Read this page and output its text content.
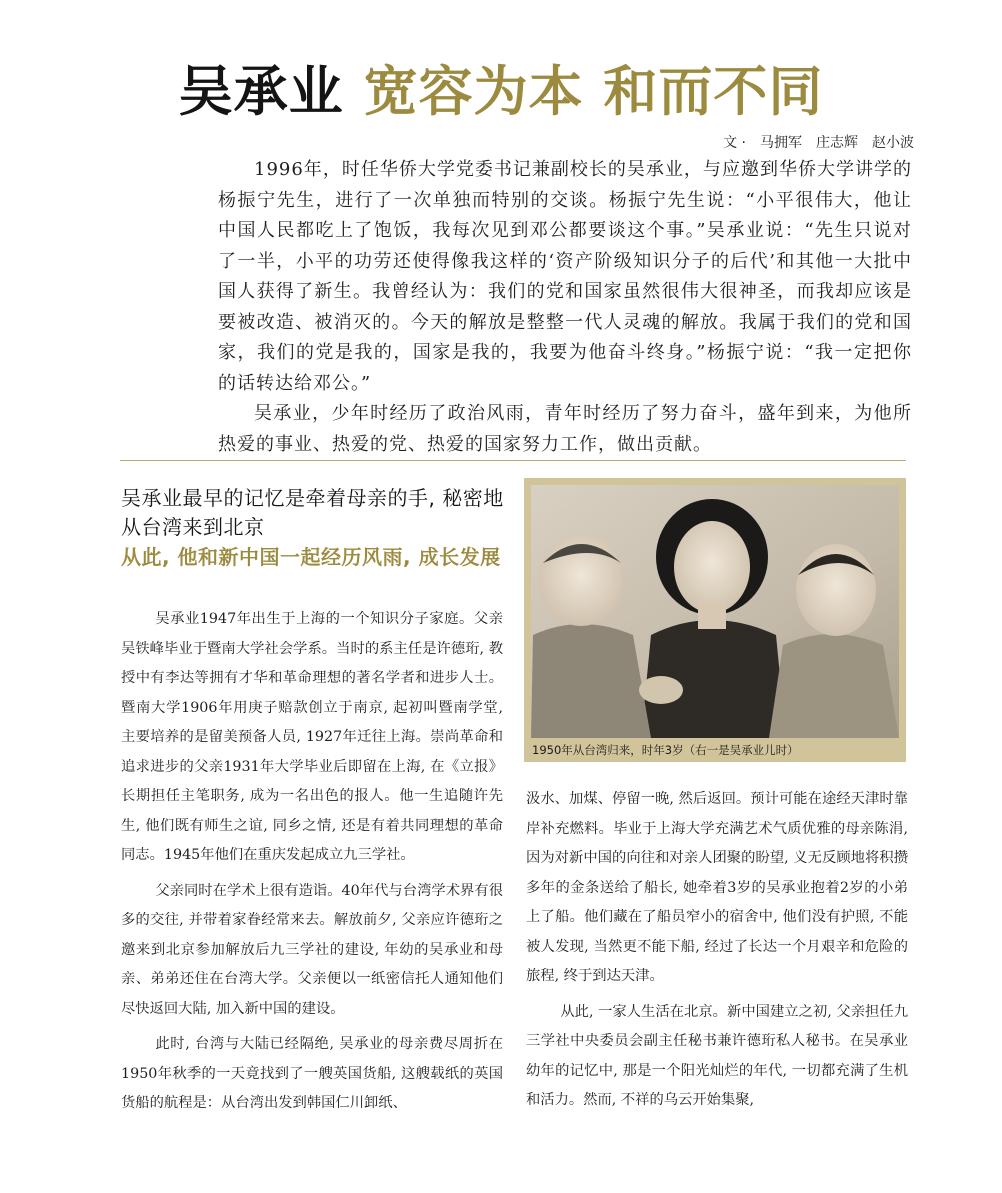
吴承业 宽容为本 和而不同
文 · 马拥军 庄志辉 赵小波

1996年，时任华侨大学党委书记兼副校长的吴承业，与应邀到华侨大学讲学的杨振宁先生，进行了一次单独而特别的交谈。杨振宁先生说：“小平很伟大，他让中国人民都吃上了饱饭，我每次见到邓公都要谈这个事。”吴承业说：“先生只说对了一半，小平的功劳还使得像我这样的‘资产阶级知识分子的后代’和其他一大批中国人获得了新生。我曾经认为：我们的党和国家虽然很伟大很神圣，而我却应该是要被改造、被消灭的。今天的解放是整整一代人灵魂的解放。我属于我们的党和国家，我们的党是我的，国家是我的，我要为他奋斗终身。”杨振宁说：“我一定把你的话转达给邓公。”

吴承业，少年时经历了政治风雨，青年时经历了努力奋斗，盛年到来，为他所热爱的事业、热爱的党、热爱的国家努力工作，做出贡献。

吴承业最早的记忆是牵着母亲的手, 秘密地从台湾来到北京
从此, 他和新中国一起经历风雨, 成长发展

吴承业1947年出生于上海的一个知识分子家庭。父亲吴铁峰毕业于暨南大学社会学系。当时的系主任是许德珩, 教授中有李达等拥有才华和革命理想的著名学者和进步人士。暨南大学1906年用庚子赔款创立于南京, 起初叫暨南学堂, 主要培养的是留美预备人员, 1927年迁往上海。崇尚革命和追求进步的父亲1931年大学毕业后即留在上海, 在《立报》长期担任主笔职务, 成为一名出色的报人。他一生追随许先生, 他们既有师生之谊, 同乡之情, 还是有着共同理想的革命同志。1945年他们在重庆发起成立九三学社。

父亲同时在学术上很有造诣。40年代与台湾学术界有很多的交往, 并带着家眷经常来去。解放前夕, 父亲应许德珩之邀来到北京参加解放后九三学社的建设, 年幼的吴承业和母亲、弟弟还住在台湾大学。父亲便以一纸密信托人通知他们尽快返回大陆, 加入新中国的建设。

此时, 台湾与大陆已经隔绝, 吴承业的母亲费尽周折在1950年秋季的一天竟找到了一艘英国货船, 这艘载纸的英国货船的航程是：从台湾出发到韩国仁川卸纸、

1950年从台湾归来，时年3岁（右一是吴承业儿时）

汲水、加煤、停留一晚, 然后返回。预计可能在途经天津时靠岸补充燃料。毕业于上海大学充满艺术气质优雅的母亲陈涓, 因为对新中国的向往和对亲人团聚的盼望, 义无反顾地将积攒多年的金条送给了船长, 她牵着3岁的吴承业抱着2岁的小弟上了船。他们藏在了船员窄小的宿舍中, 他们没有护照, 不能被人发现, 当然更不能下船, 经过了长达一个月艰辛和危险的旅程, 终于到达天津。

从此, 一家人生活在北京。新中国建立之初, 父亲担任九三学社中央委员会副主任秘书兼许德珩私人秘书。在吴承业幼年的记忆中, 那是一个阳光灿烂的年代, 一切都充满了生机和活力。然而, 不祥的乌云开始集聚,
